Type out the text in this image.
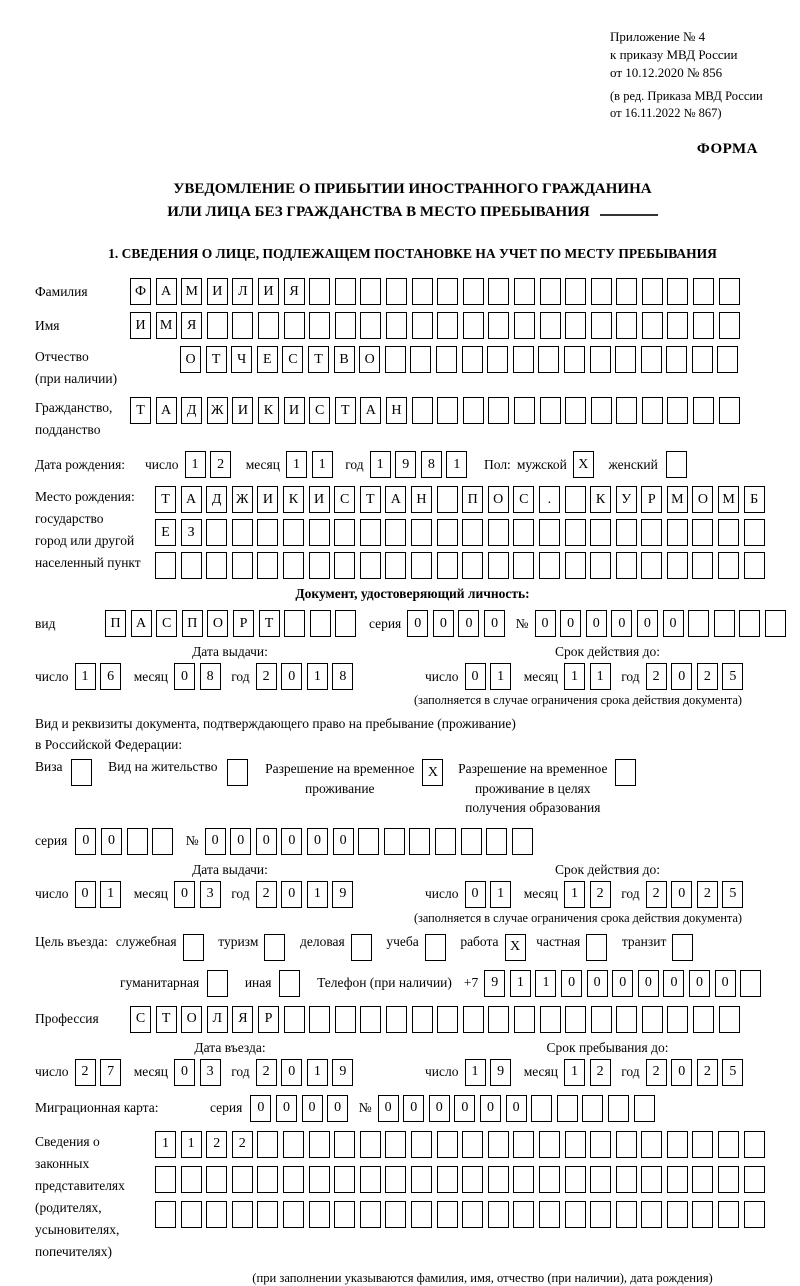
Приложение № 4
к приказу МВД России
от 10.12.2020 № 856
(в ред. Приказа МВД России
от 16.11.2022 № 867)
ФОРМА
УВЕДОМЛЕНИЕ О ПРИБЫТИИ ИНОСТРАННОГО ГРАЖДАНИНА
ИЛИ ЛИЦА БЕЗ ГРАЖДАНСТВА В МЕСТО ПРЕБЫВАНИЯ
1. СВЕДЕНИЯ О ЛИЦЕ, ПОДЛЕЖАЩЕМ ПОСТАНОВКЕ НА УЧЕТ ПО МЕСТУ ПРЕБЫВАНИЯ
Фамилия	Ф	А	М	И	Л	И	Я
Имя	И	М	Я
Отчество
(при наличии)
О	Т	Ч	Е	С	Т	В	О
Гражданство,
подданство
Т	А	Д	Ж	И	К	И	С	Т	А	Н
Дата рождения:	число 1	2	месяц 1	1	год 1	9	8	1	Пол: мужской X	женский
Место рождения:
государство
город или другой
населенный пункт
Т	А	Д	Ж	И	К	И	С	Т	А	Н	П	О	С	.	К	У	Р	М	О	М	Б
Е	З
Документ, удостоверяющий личность:
вид	П	А	С	П	О	Р	Т	серия 0	0	0	0	№ 0	0	0	0	0	0
Дата выдачи:	Срок действия до:
число 1	6	месяц 0	8	год 2	0	1	8	число 0	1	месяц 1	1	год 2	0	2	5
(заполняется в случае ограничения срока действия документа)
Вид и реквизиты документа, подтверждающего право на пребывание (проживание)
в Российской Федерации:
Виза	Вид на жительство	Разрешение на временное
проживание
X	Разрешение на временное
проживание в целях
получения образования
серия	0	0	№ 0	0	0	0	0	0
Дата выдачи:	Срок действия до:
число 0	1	месяц 0	3	год 2	0	1	9	число 0	1	месяц 1	2	год 2	0	2	5
(заполняется в случае ограничения срока действия документа)
Цель въезда: служебная	туризм	деловая	учеба	работа X	частная	транзит
гуманитарная	иная	Телефон (при наличии) +7 9	1	1	0	0	0	0	0	0	0
Профессия	С	Т	О	Л	Я	Р
Дата въезда:	Срок пребывания до:
число 2	7	месяц 0	3	год 2	0	1	9	число 1	9	месяц 1	2	год 2	0	2	5
Миграционная карта:	серия	0	0	0	0	№ 0	0	0	0	0	0
Сведения о
законных
представителях
(родителях,
усыновителях,
попечителях)
1	1	2	2
(при заполнении указываются фамилия, имя, отчество (при наличии), дата рождения)
